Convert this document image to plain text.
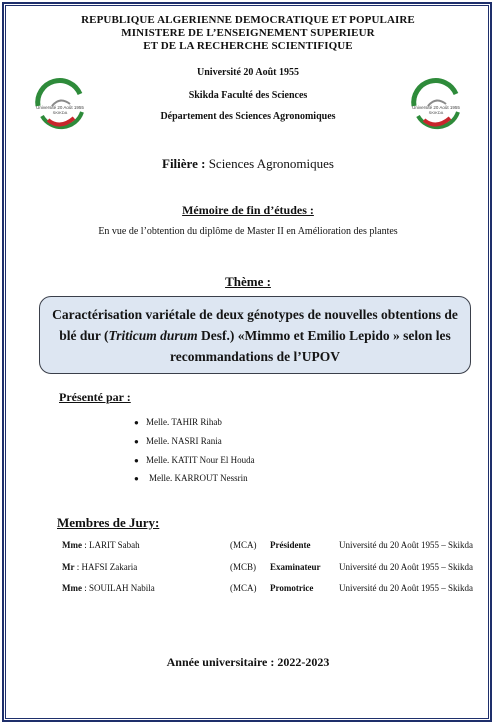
REPUBLIQUE ALGERIENNE DEMOCRATIQUE ET POPULAIRE
MINISTERE DE L’ENSEIGNEMENT SUPERIEUR
ET DE LA RECHERCHE SCIENTIFIQUE
Université 20 Août 1955
SKIKDA
Université 20 Août 1955
SKIKDA
Université 20 Août 1955
Skikda Faculté des Sciences
Département des Sciences Agronomiques
Filière : Sciences Agronomiques
Mémoire de fin d’études :
En vue de l’obtention du diplôme de Master II en Amélioration des plantes
Thème :
Caractérisation variétale de deux génotypes de nouvelles obtentions de blé dur (Triticum durum Desf.) «Mimmo et Emilio Lepido » selon les recommandations de l’UPOV
Présenté par :
● Melle. TAHIR Rihab
● Melle. NASRI Rania
● Melle. KATIT Nour El Houda
●	Melle. KARROUT Nessrin
Membres de Jury:
Mme : LARIT Sabah	(MCA) Présidente	Université du 20 Août 1955 – Skikda
Mr : HAFSI Zakaria	(MCB) Examinateur Université du 20 Août 1955 – Skikda
Mme : SOUILAH Nabila	(MCA) Promotrice	Université du 20 Août 1955 – Skikda
Année universitaire : 2022-2023
